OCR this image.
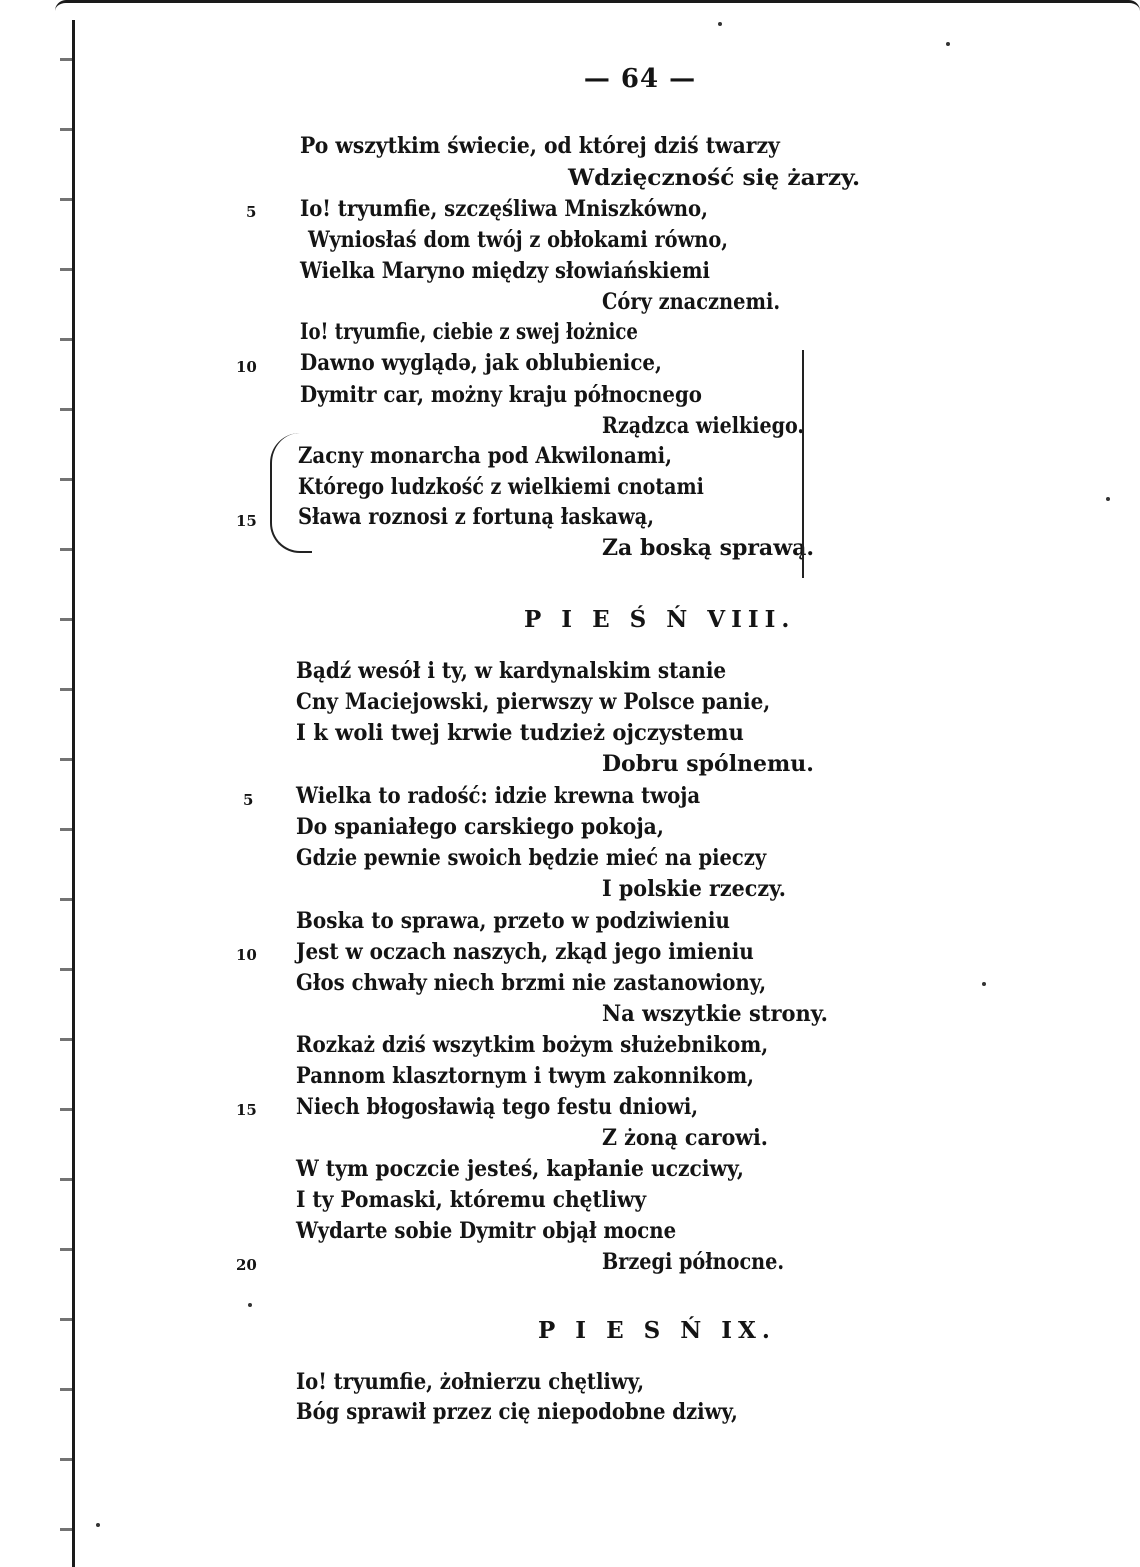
— 64 —
Po wszytkim świecie, od której dziś twarzy
Wdzięczność się żarzy.
5 Io! tryumfie, szczęśliwa Mniszkówno,
Wyniosłaś dom twój z obłokami równo,
Wielka Maryno między słowiańskiemi
Córy znacznemi.
Io! tryumfie, ciebie z swej łożnice
10 Dawno wyglądə, jak oblubienice,
Dymitr car, możny kraju północnego
Rządzca wielkiego.
Zacny monarcha pod Akwilonami,
Którego ludzkość z wielkiemi cnotami
15 Sława roznosi z fortuną łaskawą,
Za boską sprawą.
P I E Ś Ń VIII.
Bądź wesół i ty, w kardynalskim stanie
Cny Maciejowski, pierwszy w Polsce panie,
I k woli twej krwie tudzież ojczystemu
Dobru spólnemu.
5 Wielka to radość: idzie krewna twoja
Do spaniałego carskiego pokoja,
Gdzie pewnie swoich będzie mieć na pieczy
I polskie rzeczy.
Boska to sprawa, przeto w podziwieniu
10 Jest w oczach naszych, zkąd jego imieniu
Głos chwały niech brzmi nie zastanowiony,
Na wszytkie strony.
Rozkaż dziś wszytkim bożym służebnikom,
Pannom klasztornym i twym zakonnikom,
15 Niech błogosławią tego festu dniowi,
Z żoną carowi.
W tym poczcie jesteś, kapłanie uczciwy,
I ty Pomaski, któremu chętliwy
Wydarte sobie Dymitr objął mocne
20	Brzegi północne.
P I E S Ń IX.
Io! tryumfie, żołnierzu chętliwy,
Bóg sprawił przez cię niepodobne dziwy,
